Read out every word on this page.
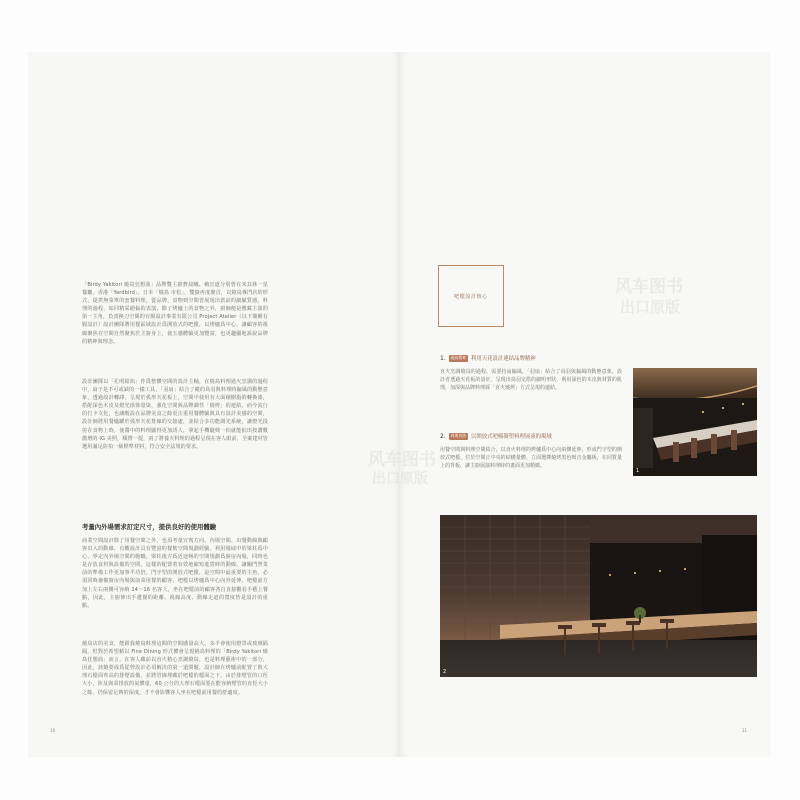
「Birdy Yakitori 燒鳥狂想曲」品牌雙主廚費晨曦、賴宣道分別曾在米其林一星餐廳，香港「Yardbird」、日本「燒鳥 市松」，雙廚再度聚首，以燒鳥專門店的形式，提供無菜單的套餐料理，從品牌、食物到空間皆展現出當前的細膩質感，料理的過程，如同精采絕倫的表演，除了烤爐上的食物之外，廚師便是獲藏主演的第一主角，負責換刀空間的有腥設計事業有限公司 Project Atelier（以下簡稱有腥設計）設計團隊將用餐區域設計爲開放式的吧檯，以烤爐爲中心，讓顧客的視線聚焦在空間自然聚焦於主廚身上，使五感體驗更加豐富，也更趣顯地訴說品牌的精神與理念。
設計團隊以「孔明鉛焰」作爲整體空間的設計主軸，在燒鳥料理過火烹調的過程中，扇子是不可或缺的一樣工具，「羽扇」結合了縱的鳥羽與料理時搧風的動態意象，透過設計轉譯，呈現於弧形天花板上，空間中使用有大面積樹脂的轉換漆，搭配深色木皮及燈光徐徐量染，強化空間與品牌調性「燒烤」的連結。而今流行的打卡文化，也讓醒設在品牌美食之餘更注重用餐體驗與具有設計美感的空間，設計師將用餐爐罐於弧形天花排線的交接處，並結合多功能調光系統，讓燈光投射在食物上時，使醬中的料理顯得更加誘人，拿起手機隨興一拍就能拍出按讚數激增的 IG 美照，順帶一提，兩了將養火料理的過程呈現在客人眼前，全案建材皆選用滿足防拍一級標準材料，符合安全法規的要求。
考量內外場需求訂定尺寸，提供良好的使用體驗
商業空間設計除了用餐空間之外，也須考量宣賓方向、內場空間、出餐動線與顧客出入的動線，有概設計具有豐富的餐飲空間規劃經驗，利用場域中的梁柱爲中心，界定內外場空間的範疇，梁柱後方爲近途畅的空間規劃爲廚房內場，同時也是存放食材與設備的空間，這樣的配置着有效地縮短進貨時的動線，讓關門營業前的準備工作更加事半功倍，門字型的開放式吧檯，是空間中最重要的主角，必須同時兼備廚房內場與前菜用餐的顧客，吧檯以烤爐爲中心向外延伸，吧檯前方加上左右兩側可容納 14～16 名客人，坐在吧檯前的顧客各自直接觀看手藝上餐點，因此，主廚伸出手遞餐的距離、視線高度、動線走道的寬度皆是設計的重點。
燒鳥店的美食，能跟我燒鳥料理這間的空間感量高大，多半會使用燈罩或玻璃隔隔，但對於希望藉以 Fine Dining 形式體會呈現燒鳥料理的「Birdy Yakitori 燒鳥狂想曲」而言，在客人藏前以直火精心烹調燒鳥，也是料理藝術中的一部分，因此，該燒要成爲從營設計必須解決的第一道問題，設計師在烤爐前配置了與大理石檯面齊高的排煙設備，並將管線埋藏於吧檯的檯面之下，由於排煙管的口徑大小，涉及與菜排放的氣體量，60 公分的大理石檯面要在能容納煙管的直徑大小之餘，仍保留足夠的深度，才不會影響客人坐在吧檯前用餐的舒適度。
10
吧檯設計核心
1.	燒鳥精神 利用天花設計連結品牌精神
直火烹調燒鳥的過程，需要持扇搧風，「羽扇」結合了鳥羽與搧風的動態意象，設計者透過天花板的設計，呈現出鳥羽交搭的細明形狀，利用深色的木皮與材質的肌理，加深與品牌料理採「直火燒烤」方式呈現的連結。
2.	料理表演 以開放式吧檯凝塑料理展演的場域
用餐空間與料理空間結合，以直火料理的烤爐爲中心向兩側延伸，形成門字型的開放式吧檯，位於空間正中央的結構量體，立面選擇燒烤黑色吸音金屬板，在同質量上的背板，讓主廚展演料理時的畫面更加精緻。
1
2
11
风车图书
出口原版
风车图书
出口原版
